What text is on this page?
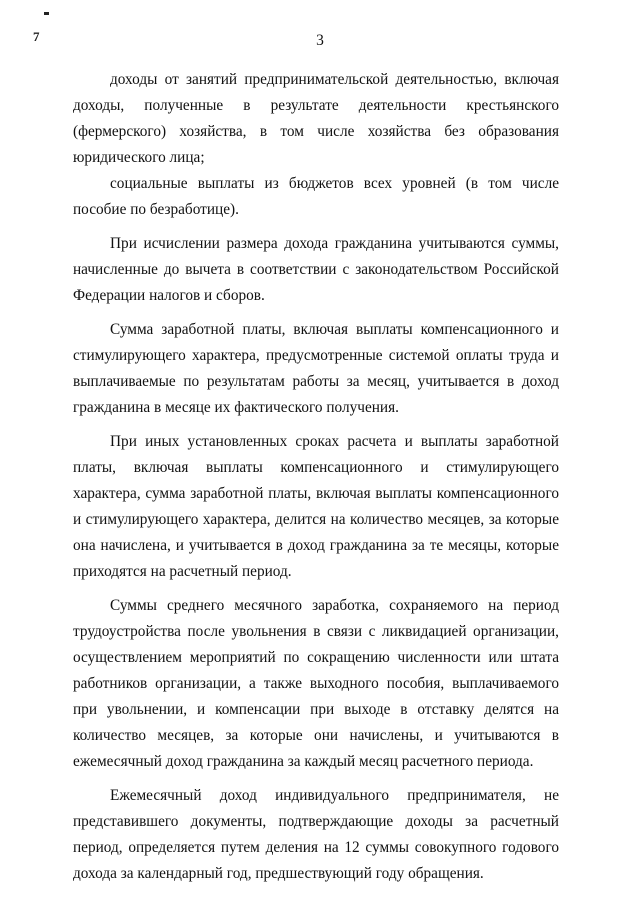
7	3

доходы от занятий предпринимательской деятельностью, включая доходы, полученные в результате деятельности крестьянского (фермерского) хозяйства, в том числе хозяйства без образования юридического лица;

социальные выплаты из бюджетов всех уровней (в том числе пособие по безработице).

При исчислении размера дохода гражданина учитываются суммы, начисленные до вычета в соответствии с законодательством Российской Федерации налогов и сборов.

Сумма заработной платы, включая выплаты компенсационного и стимулирующего характера, предусмотренные системой оплаты труда и выплачиваемые по результатам работы за месяц, учитывается в доход гражданина в месяце их фактического получения.

При иных установленных сроках расчета и выплаты заработной платы, включая выплаты компенсационного и стимулирующего характера, сумма заработной платы, включая выплаты компенсационного и стимулирующего характера, делится на количество месяцев, за которые она начислена, и учитывается в доход гражданина за те месяцы, которые приходятся на расчетный период.

Суммы среднего месячного заработка, сохраняемого на период трудоустройства после увольнения в связи с ликвидацией организации, осуществлением мероприятий по сокращению численности или штата работников организации, а также выходного пособия, выплачиваемого при увольнении, и компенсации при выходе в отставку делятся на количество месяцев, за которые они начислены, и учитываются в ежемесячный доход гражданина за каждый месяц расчетного периода.

Ежемесячный доход индивидуального предпринимателя, не представившего документы, подтверждающие доходы за расчетный период, определяется путем деления на 12 суммы совокупного годового дохода за календарный год, предшествующий году обращения.
